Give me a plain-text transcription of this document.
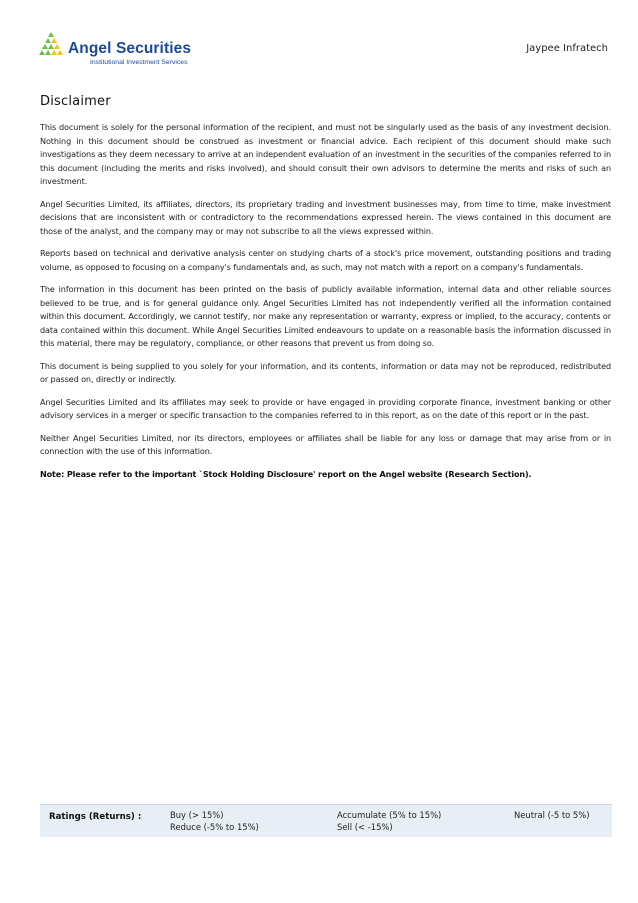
Angel Securities
Institutional Investment Services
Jaypee Infratech
Disclaimer

This document is solely for the personal information of the recipient, and must not be singularly used as the basis of any investment decision. Nothing in this document should be construed as investment or financial advice. Each recipient of this document should make such investigations as they deem necessary to arrive at an independent evaluation of an investment in the securities of the companies referred to in this document (including the merits and risks involved), and should consult their own advisors to determine the merits and risks of such an investment.

Angel Securities Limited, its affiliates, directors, its proprietary trading and investment businesses may, from time to time, make investment decisions that are inconsistent with or contradictory to the recommendations expressed herein. The views contained in this document are those of the analyst, and the company may or may not subscribe to all the views expressed within.

Reports based on technical and derivative analysis center on studying charts of a stock's price movement, outstanding positions and trading volume, as opposed to focusing on a company's fundamentals and, as such, may not match with a report on a company's fundamentals.

The information in this document has been printed on the basis of publicly available information, internal data and other reliable sources believed to be true, and is for general guidance only. Angel Securities Limited has not independently verified all the information contained within this document. Accordingly, we cannot testify, nor make any representation or warranty, express or implied, to the accuracy, contents or data contained within this document. While Angel Securities Limited endeavours to update on a reasonable basis the information discussed in this material, there may be regulatory, compliance, or other reasons that prevent us from doing so.

This document is being supplied to you solely for your information, and its contents, information or data may not be reproduced, redistributed or passed on, directly or indirectly.

Angel Securities Limited and its affiliates may seek to provide or have engaged in providing corporate finance, investment banking or other advisory services in a merger or specific transaction to the companies referred to in this report, as on the date of this report or in the past.

Neither Angel Securities Limited, nor its directors, employees or affiliates shall be liable for any loss or damage that may arise from or in connection with the use of this information.

Note: Please refer to the important `Stock Holding Disclosure' report on the Angel website (Research Section).

Ratings (Returns) :	Buy (> 15%)
Reduce (-5% to 15%)
Accumulate (5% to 15%)
Sell (< -15%)
Neutral (-5 to 5%)
